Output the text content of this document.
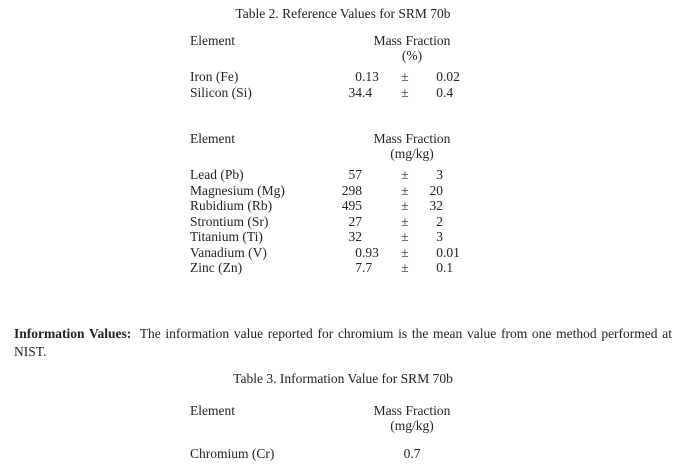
Table 2. Reference Values for SRM 70b
Element	Mass Fraction
(%)
Iron (Fe)	0 .13	±	0 .02
Silicon (Si)	34 .4	±	0 .4
Element	Mass Fraction
(mg/kg)
Lead (Pb)	57	±	3
Magnesium (Mg)	298	±	20
Rubidium (Rb)	495	±	32
Strontium (Sr)	27	±	2
Titanium (Ti)	32	±	3
Vanadium (V)	0 .93	±	0 .01
Zinc (Zn)	7 .7	±	0 .1
Information Values: The information value reported for chromium is the mean value from one method performed at NIST.
Table 3. Information Value for SRM 70b
Element	Mass Fraction
(mg/kg)
Chromium (Cr)	0.7
